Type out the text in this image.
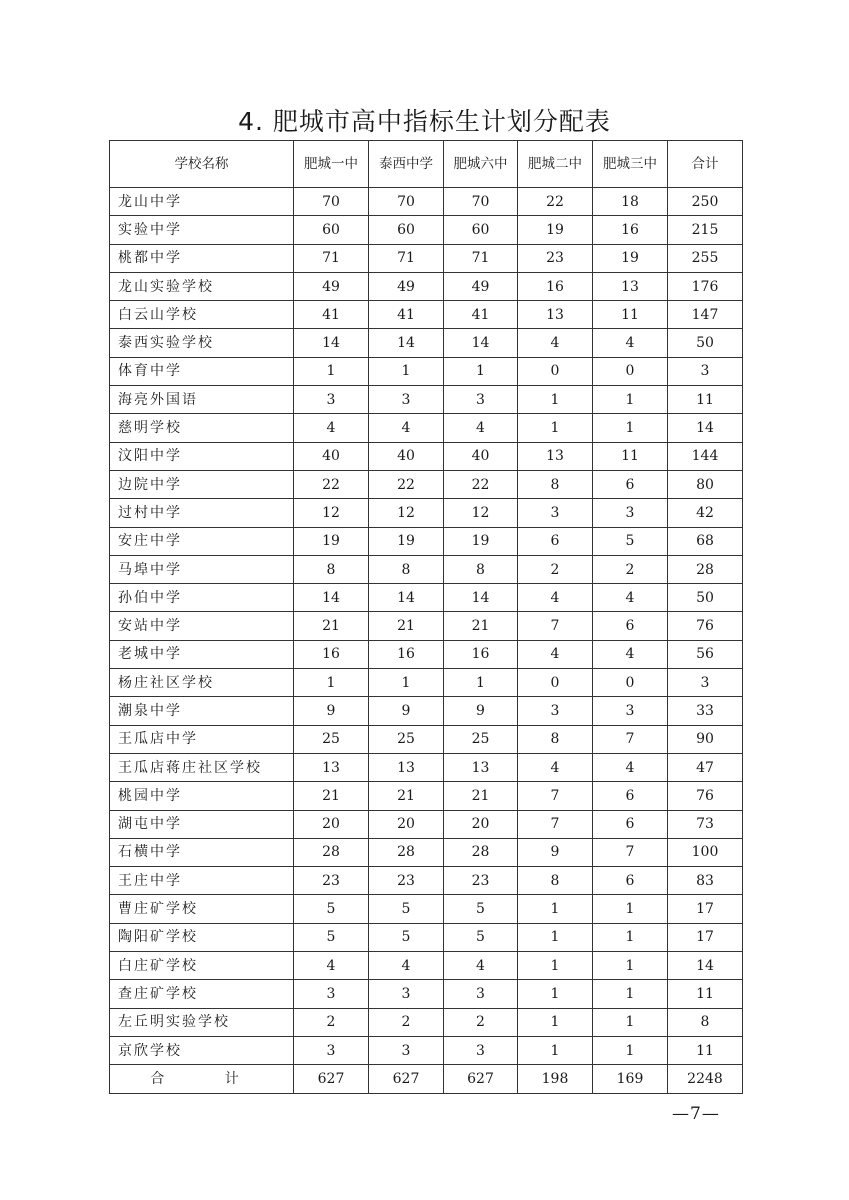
4. 肥城市高中指标生计划分配表
学校名称	肥城一中	泰西中学	肥城六中	肥城二中	肥城三中	合计
龙山中学	70	70	70	22	18	250
实验中学	60	60	60	19	16	215
桃都中学	71	71	71	23	19	255
龙山实验学校	49	49	49	16	13	176
白云山学校	41	41	41	13	11	147
泰西实验学校	14	14	14	4	4	50
体育中学	1	1	1	0	0	3
海亮外国语	3	3	3	1	1	11
慈明学校	4	4	4	1	1	14
汶阳中学	40	40	40	13	11	144
边院中学	22	22	22	8	6	80
过村中学	12	12	12	3	3	42
安庄中学	19	19	19	6	5	68
马埠中学	8	8	8	2	2	28
孙伯中学	14	14	14	4	4	50
安站中学	21	21	21	7	6	76
老城中学	16	16	16	4	4	56
杨庄社区学校	1	1	1	0	0	3
潮泉中学	9	9	9	3	3	33
王瓜店中学	25	25	25	8	7	90
王瓜店蒋庄社区学校	13	13	13	4	4	47
桃园中学	21	21	21	7	6	76
湖屯中学	20	20	20	7	6	73
石横中学	28	28	28	9	7	100
王庄中学	23	23	23	8	6	83
曹庄矿学校	5	5	5	1	1	17
陶阳矿学校	5	5	5	1	1	17
白庄矿学校	4	4	4	1	1	14
查庄矿学校	3	3	3	1	1	11
左丘明实验学校	2	2	2	1	1	8
京欣学校	3	3	3	1	1	11
合 计	627	627	627	198	169	2248
—7—
